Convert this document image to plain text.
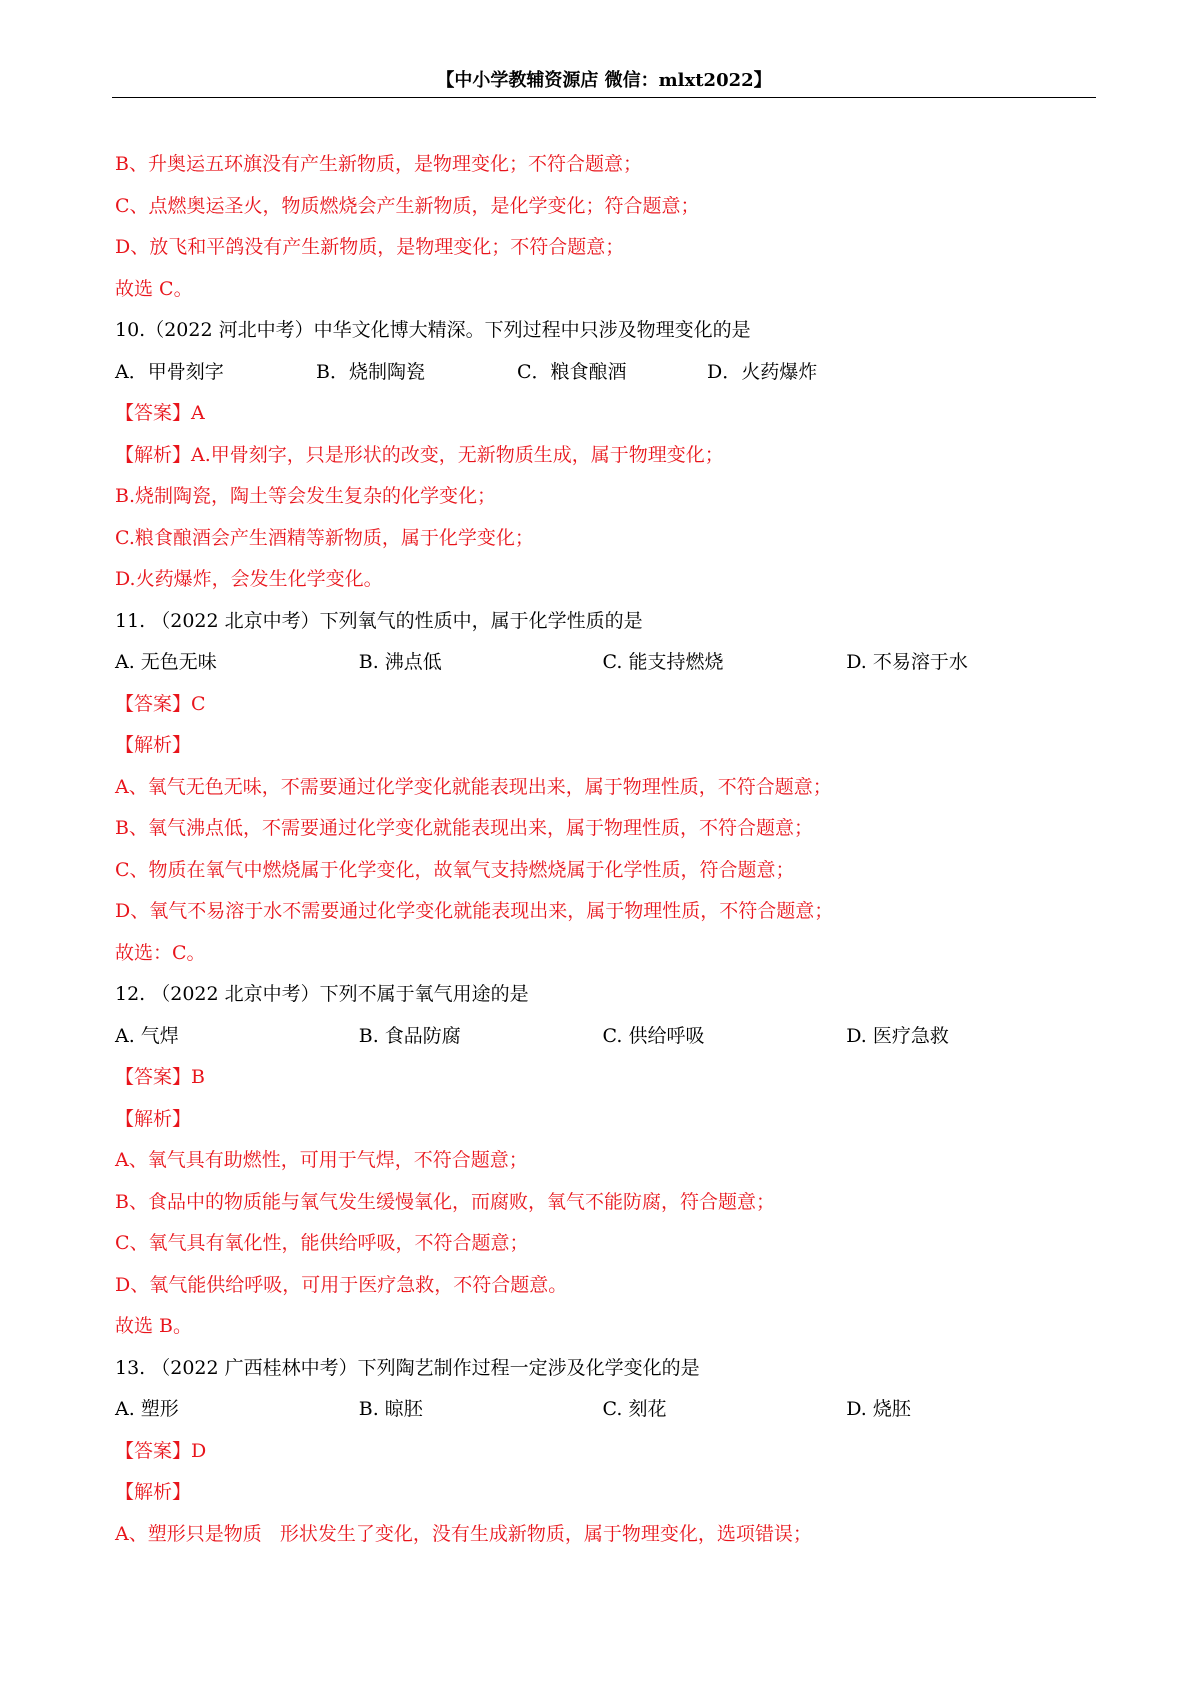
【中小学教辅资源店 微信：mlxt2022】
B、升奥运五环旗没有产生新物质，是物理变化；不符合题意；
C、点燃奥运圣火，物质燃烧会产生新物质，是化学变化；符合题意；
D、放飞和平鸽没有产生新物质，是物理变化；不符合题意；
故选 C。
10.（2022 河北中考）中华文化博大精深。下列过程中只涉及物理变化的是
A．甲骨刻字	B．烧制陶瓷	C．粮食酿酒	D．火药爆炸
【答案】A
【解析】A.甲骨刻字，只是形状的改变，无新物质生成，属于物理变化；
B.烧制陶瓷，陶土等会发生复杂的化学变化；
C.粮食酿酒会产生酒精等新物质，属于化学变化；
D.火药爆炸，会发生化学变化。
11. （2022 北京中考）下列氧气的性质中，属于化学性质的是
A. 无色无味	B. 沸点低	C. 能支持燃烧	D. 不易溶于水
【答案】C
【解析】
A、氧气无色无味，不需要通过化学变化就能表现出来，属于物理性质，不符合题意；
B、氧气沸点低，不需要通过化学变化就能表现出来，属于物理性质，不符合题意；
C、物质在氧气中燃烧属于化学变化，故氧气支持燃烧属于化学性质，符合题意；
D、氧气不易溶于水不需要通过化学变化就能表现出来，属于物理性质，不符合题意；
故选：C。
12. （2022 北京中考）下列不属于氧气用途的是
A. 气焊	B. 食品防腐	C. 供给呼吸	D. 医疗急救
【答案】B
【解析】
A、氧气具有助燃性，可用于气焊，不符合题意；
B、食品中的物质能与氧气发生缓慢氧化，而腐败，氧气不能防腐，符合题意；
C、氧气具有氧化性，能供给呼吸，不符合题意；
D、氧气能供给呼吸，可用于医疗急救，不符合题意。
故选 B。
13. （2022 广西桂林中考）下列陶艺制作过程一定涉及化学变化的是
A. 塑形	B. 晾胚	C. 刻花	D. 烧胚
【答案】D
【解析】
A、塑形只是物质   形状发生了变化，没有生成新物质，属于物理变化，选项错误；
